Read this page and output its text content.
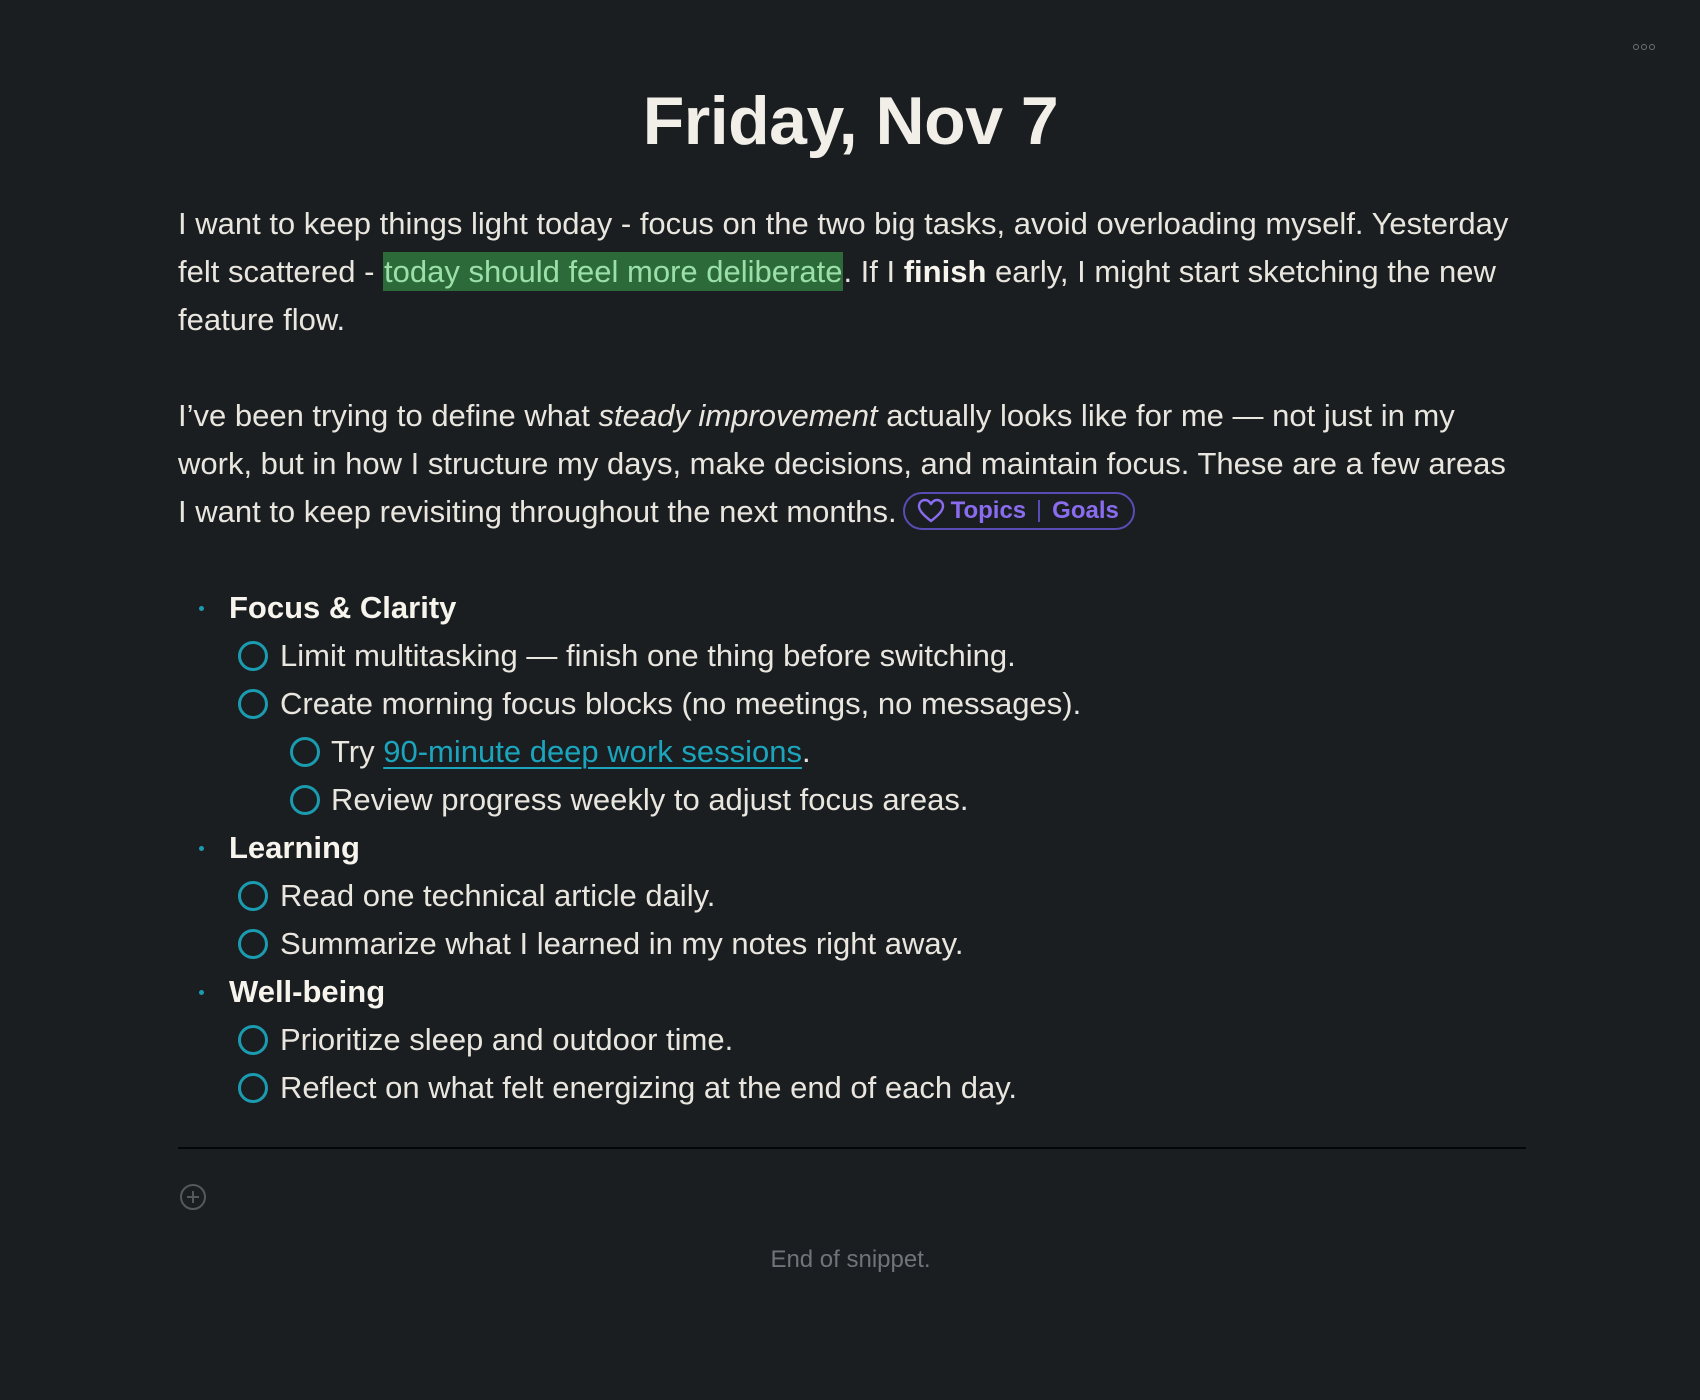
Friday, Nov 7

I want to keep things light today - focus on the two big tasks, avoid overloading myself. Yesterday felt scattered - today should feel more deliberate. If I finish early, I might start sketching the new feature flow.

I’ve been trying to define what steady improvement actually looks like for me — not just in my work, but in how I structure my days, make decisions, and maintain focus. These are a few areas I want to keep revisiting throughout the next months. Topics Goals

Focus & Clarity
Limit multitasking — finish one thing before switching.
Create morning focus blocks (no meetings, no messages).
Try 90-minute deep work sessions.
Review progress weekly to adjust focus areas.
Learning
Read one technical article daily.
Summarize what I learned in my notes right away.
Well-being
Prioritize sleep and outdoor time.
Reflect on what felt energizing at the end of each day.
End of snippet.
